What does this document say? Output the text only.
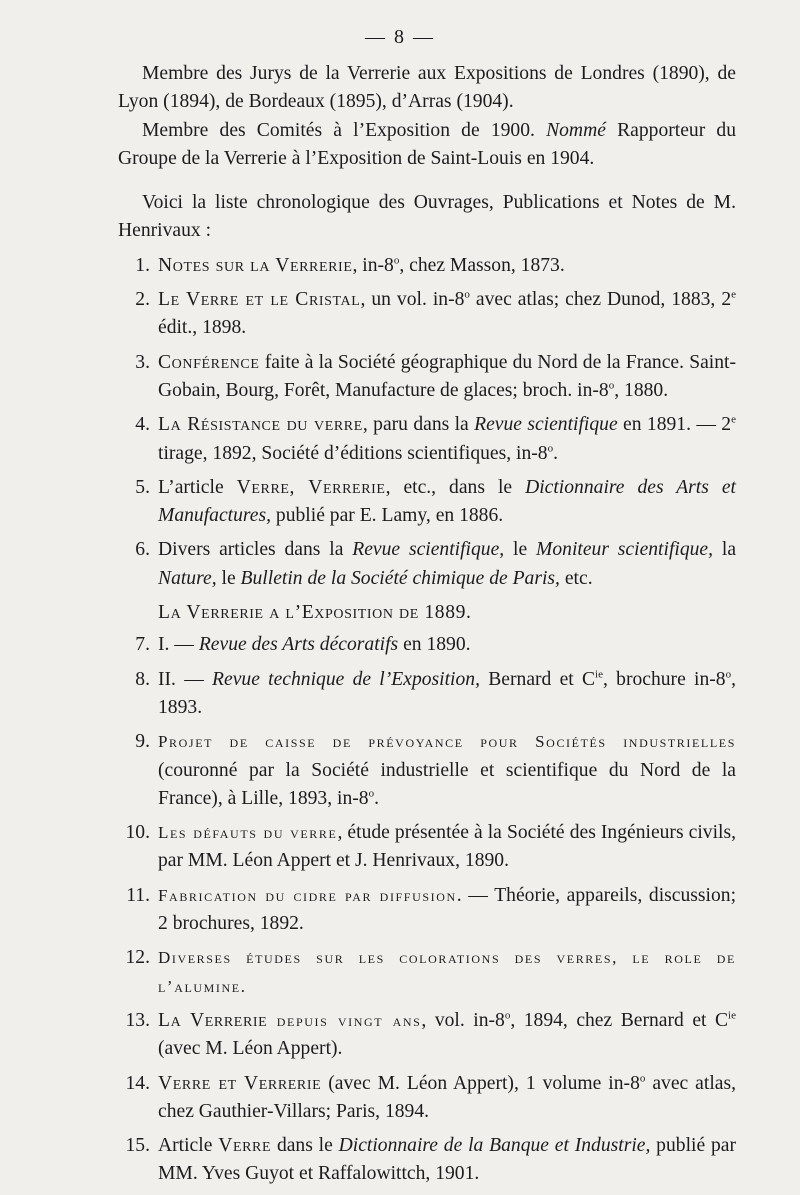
— 8 —

Membre des Jurys de la Verrerie aux Expositions de Londres (1890), de Lyon (1894), de Bordeaux (1895), d’Arras (1904).

Membre des Comités à l’Exposition de 1900. Nommé Rapporteur du Groupe de la Verrerie à l’Exposition de Saint-Louis en 1904.

Voici la liste chronologique des Ouvrages, Publications et Notes de M. Henrivaux :

1. Notes sur la Verrerie, in-8$^o$, chez Masson, 1873.
2. Le Verre et le Cristal, un vol. in-8$^o$ avec atlas; chez Dunod, 1883, 2e édit., 1898.
3. Conférence faite à la Société géographique du Nord de la France. Saint-Gobain, Bourg, Forêt, Manufacture de glaces; broch. in-8$^o$, 1880.
4. La Résistance du verre, paru dans la Revue scientifique en 1891. — 2e tirage, 1892, Société d’éditions scientifiques, in-8$^o$.
5. L’article Verre, Verrerie, etc., dans le Dictionnaire des Arts et Manufactures, publié par E. Lamy, en 1886.
6. Divers articles dans la Revue scientifique, le Moniteur scientifique, la Nature, le Bulletin de la Société chimique de Paris, etc.
La Verrerie a l’Exposition de 1889.
7. I. — Revue des Arts décoratifs en 1890.
8. II. — Revue technique de l’Exposition, Bernard et $C^{ie}$, brochure in-8$^o$, 1893.
9. Projet de caisse de prévoyance pour Sociétés industrielles (couronné par la Société industrielle et scientifique du Nord de la France), à Lille, 1893, in-8$^o$.
10. Les défauts du verre, étude présentée à la Société des Ingénieurs civils, par MM. Léon Appert et J. Henrivaux, 1890.
11. Fabrication du cidre par diffusion. — Théorie, appareils, discussion; 2 brochures, 1892.
12. Diverses études sur les colorations des verres, le role de l’alumine.
13. La Verrerie depuis vingt ans, vol. in-8$^o$, 1894, chez Bernard et $C^{ie}$ (avec M. Léon Appert).
14. Verre et Verrerie (avec M. Léon Appert), 1 volume in-8$^o$ avec atlas, chez Gauthier-Villars; Paris, 1894.
15. Article Verre dans le Dictionnaire de la Banque et Industrie, publié par MM. Yves Guyot et Raffalowittch, 1901.
